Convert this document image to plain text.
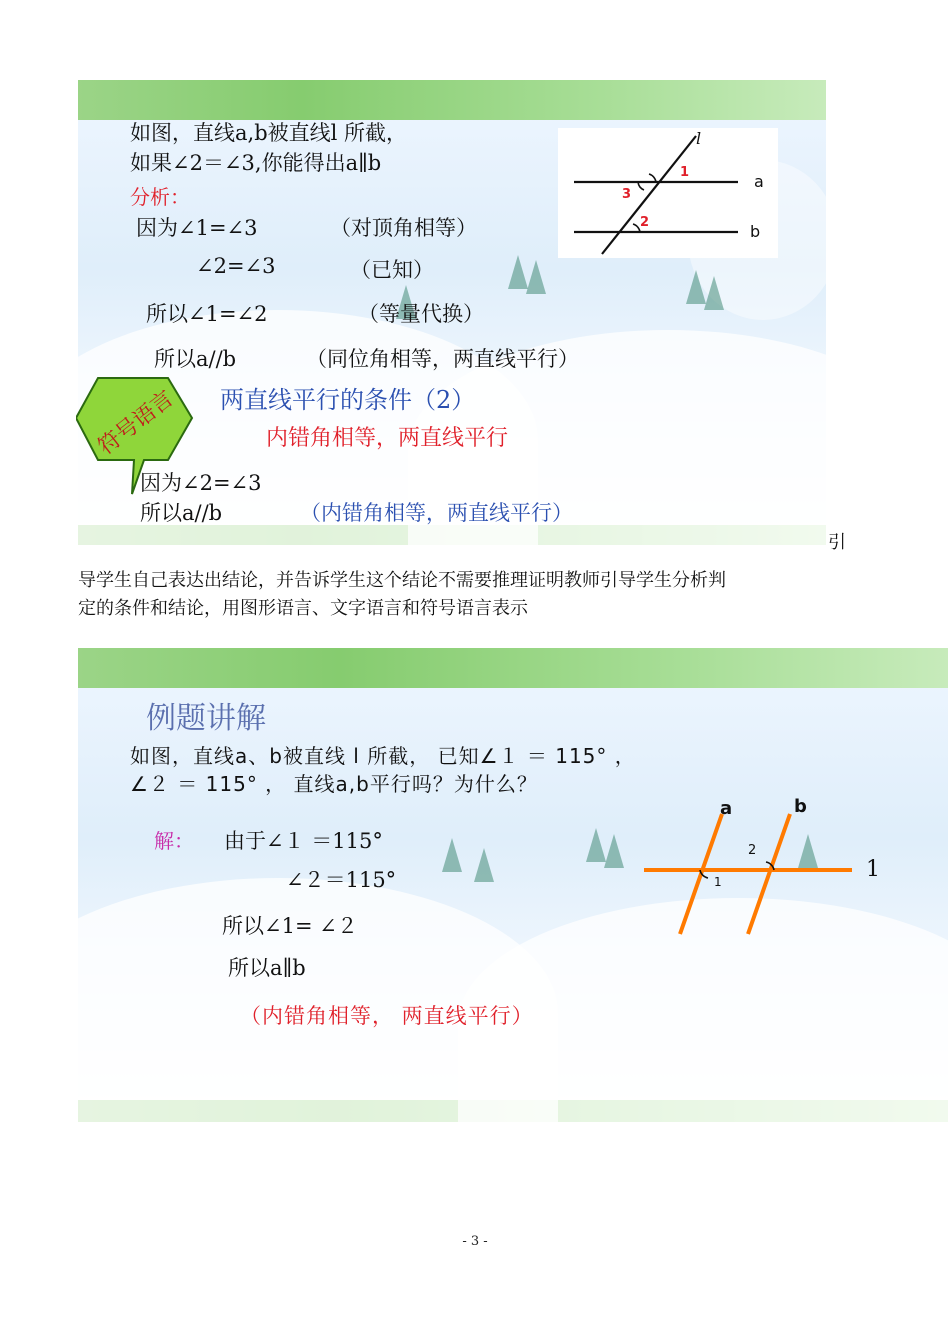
l
a
b
1
3
2
如图，直线a,b被直线l 所截，
如果∠2＝∠3,你能得出a∥b
分析：
因为∠1=∠3	（对顶角相等）
∠2=∠3	（已知）
所以∠1=∠2	（等量代换）
所以a//b	（同位角相等，两直线平行）
符号语言	两直线平行的条件（2）
内错角相等，两直线平行
因为∠2=∠3
所以a//b	（内错角相等，两直线平行）
引
导学生自己表达出结论，并告诉学生这个结论不需要推理证明教师引导学生分析判
定的条件和结论，用图形语言、文字语言和符号语言表示
例题讲解
如图，直线a、b被直线 l 所截， 已知∠１ ＝ 115° ，
∠２ ＝ 115° ， 直线a,b平行吗？为什么？
解： 由于∠１ ＝115°
∠２＝115°
所以∠1= ∠２
所以a∥b
（内错角相等， 两直线平行）
a	b
1
1
2
- 3 -
